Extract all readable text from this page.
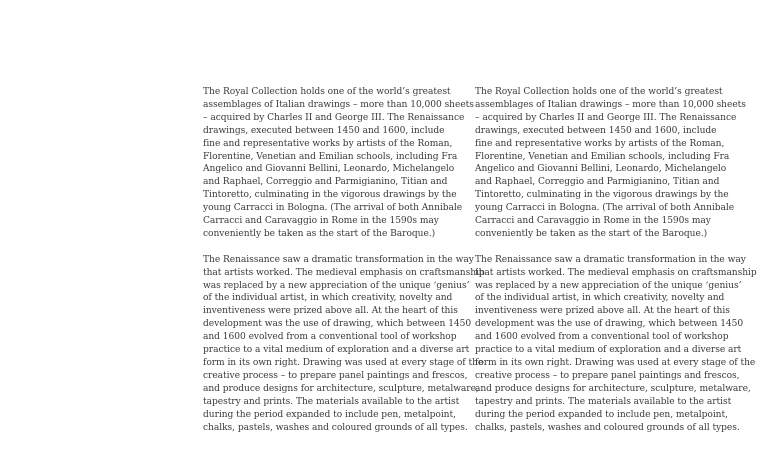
The Royal Collection holds one of the world’s greatest
assemblages of Italian drawings – more than 10,000 sheets
– acquired by Charles II and George III. The Renaissance
drawings, executed between 1450 and 1600, include
fine and representative works by artists of the Roman,
Florentine, Venetian and Emilian schools, including Fra
Angelico and Giovanni Bellini, Leonardo, Michelangelo
and Raphael, Correggio and Parmigianino, Titian and
Tintoretto, culminating in the vigorous drawings by the
young Carracci in Bologna. (The arrival of both Annibale
Carracci and Caravaggio in Rome in the 1590s may
conveniently be taken as the start of the Baroque.)

The Renaissance saw a dramatic transformation in the way
that artists worked. The medieval emphasis on craftsmanship
was replaced by a new appreciation of the unique ‘genius’
of the individual artist, in which creativity, novelty and
inventiveness were prized above all. At the heart of this
development was the use of drawing, which between 1450
and 1600 evolved from a conventional tool of workshop
practice to a vital medium of exploration and a diverse art
form in its own right. Drawing was used at every stage of the
creative process – to prepare panel paintings and frescos,
and produce designs for architecture, sculpture, metalware,
tapestry and prints. The materials available to the artist
during the period expanded to include pen, metalpoint,
chalks, pastels, washes and coloured grounds of all types.

The Royal Collection holds one of the world’s greatest
assemblages of Italian drawings – more than 10,000 sheets
– acquired by Charles II and George III. The Renaissance
drawings, executed between 1450 and 1600, include
fine and representative works by artists of the Roman,
Florentine, Venetian and Emilian schools, including Fra
Angelico and Giovanni Bellini, Leonardo, Michelangelo
and Raphael, Correggio and Parmigianino, Titian and
Tintoretto, culminating in the vigorous drawings by the
young Carracci in Bologna. (The arrival of both Annibale
Carracci and Caravaggio in Rome in the 1590s may
conveniently be taken as the start of the Baroque.)

The Renaissance saw a dramatic transformation in the way
that artists worked. The medieval emphasis on craftsmanship
was replaced by a new appreciation of the unique ‘genius’
of the individual artist, in which creativity, novelty and
inventiveness were prized above all. At the heart of this
development was the use of drawing, which between 1450
and 1600 evolved from a conventional tool of workshop
practice to a vital medium of exploration and a diverse art
form in its own right. Drawing was used at every stage of the
creative process – to prepare panel paintings and frescos,
and produce designs for architecture, sculpture, metalware,
tapestry and prints. The materials available to the artist
during the period expanded to include pen, metalpoint,
chalks, pastels, washes and coloured grounds of all types.
